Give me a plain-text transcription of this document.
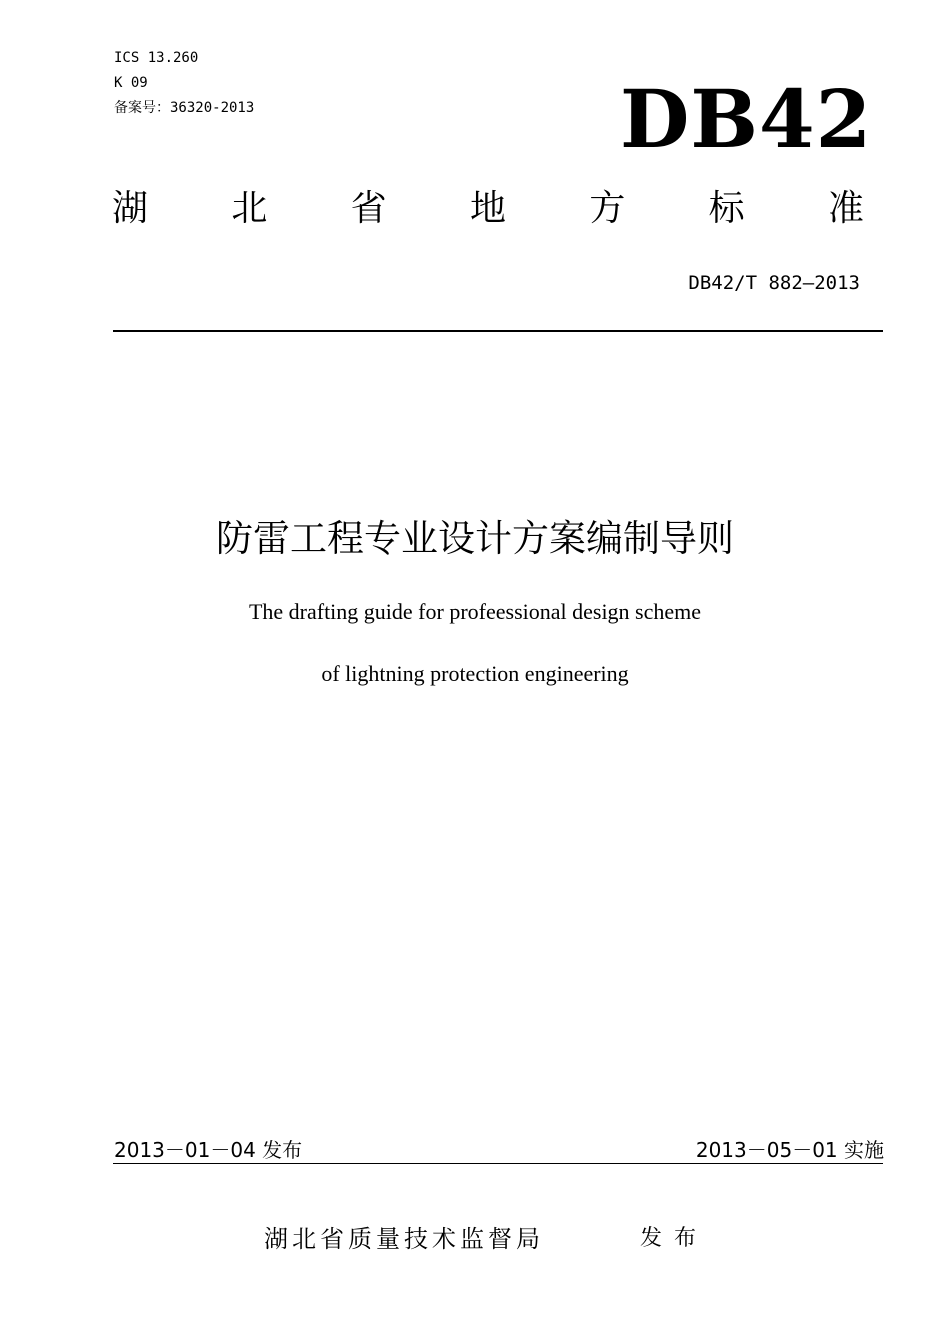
ICS 13.260
K 09
备案号：36320-2013	DB42
湖 北 省 地 方 标 准
DB42/T 882—2013
防雷工程专业设计方案编制导则
The drafting guide for profeessional design scheme
of lightning protection engineering
2013－01－04 发布	2013－05－01 实施
湖北省质量技术监督局	发布
